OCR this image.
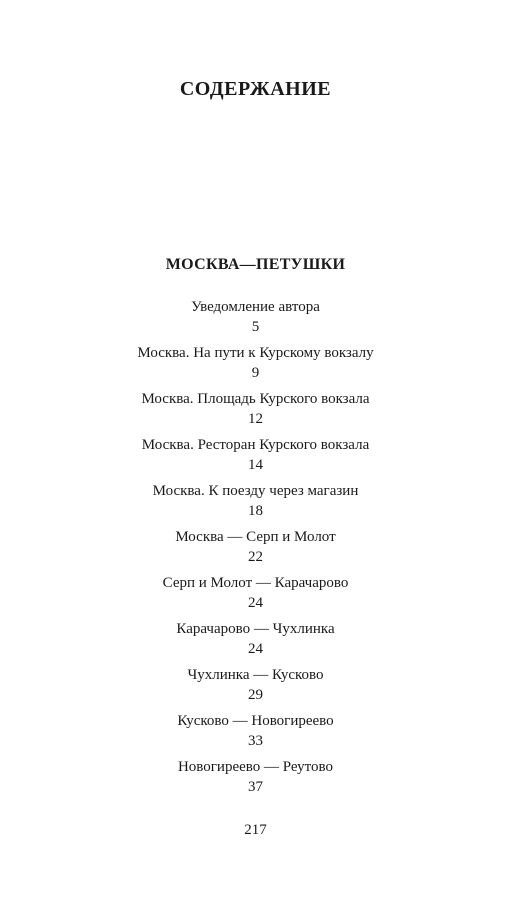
СОДЕРЖАНИЕ
МОСКВА—ПЕТУШКИ
Уведомление автора
5
Москва. На пути к Курскому вокзалу
9
Москва. Площадь Курского вокзала
12
Москва. Ресторан Курского вокзала
14
Москва. К поезду через магазин
18
Москва — Серп и Молот
22
Серп и Молот — Карачарово
24
Карачарово — Чухлинка
24
Чухлинка — Кусково
29
Кусково — Новогиреево
33
Новогиреево — Реутово
37
217
